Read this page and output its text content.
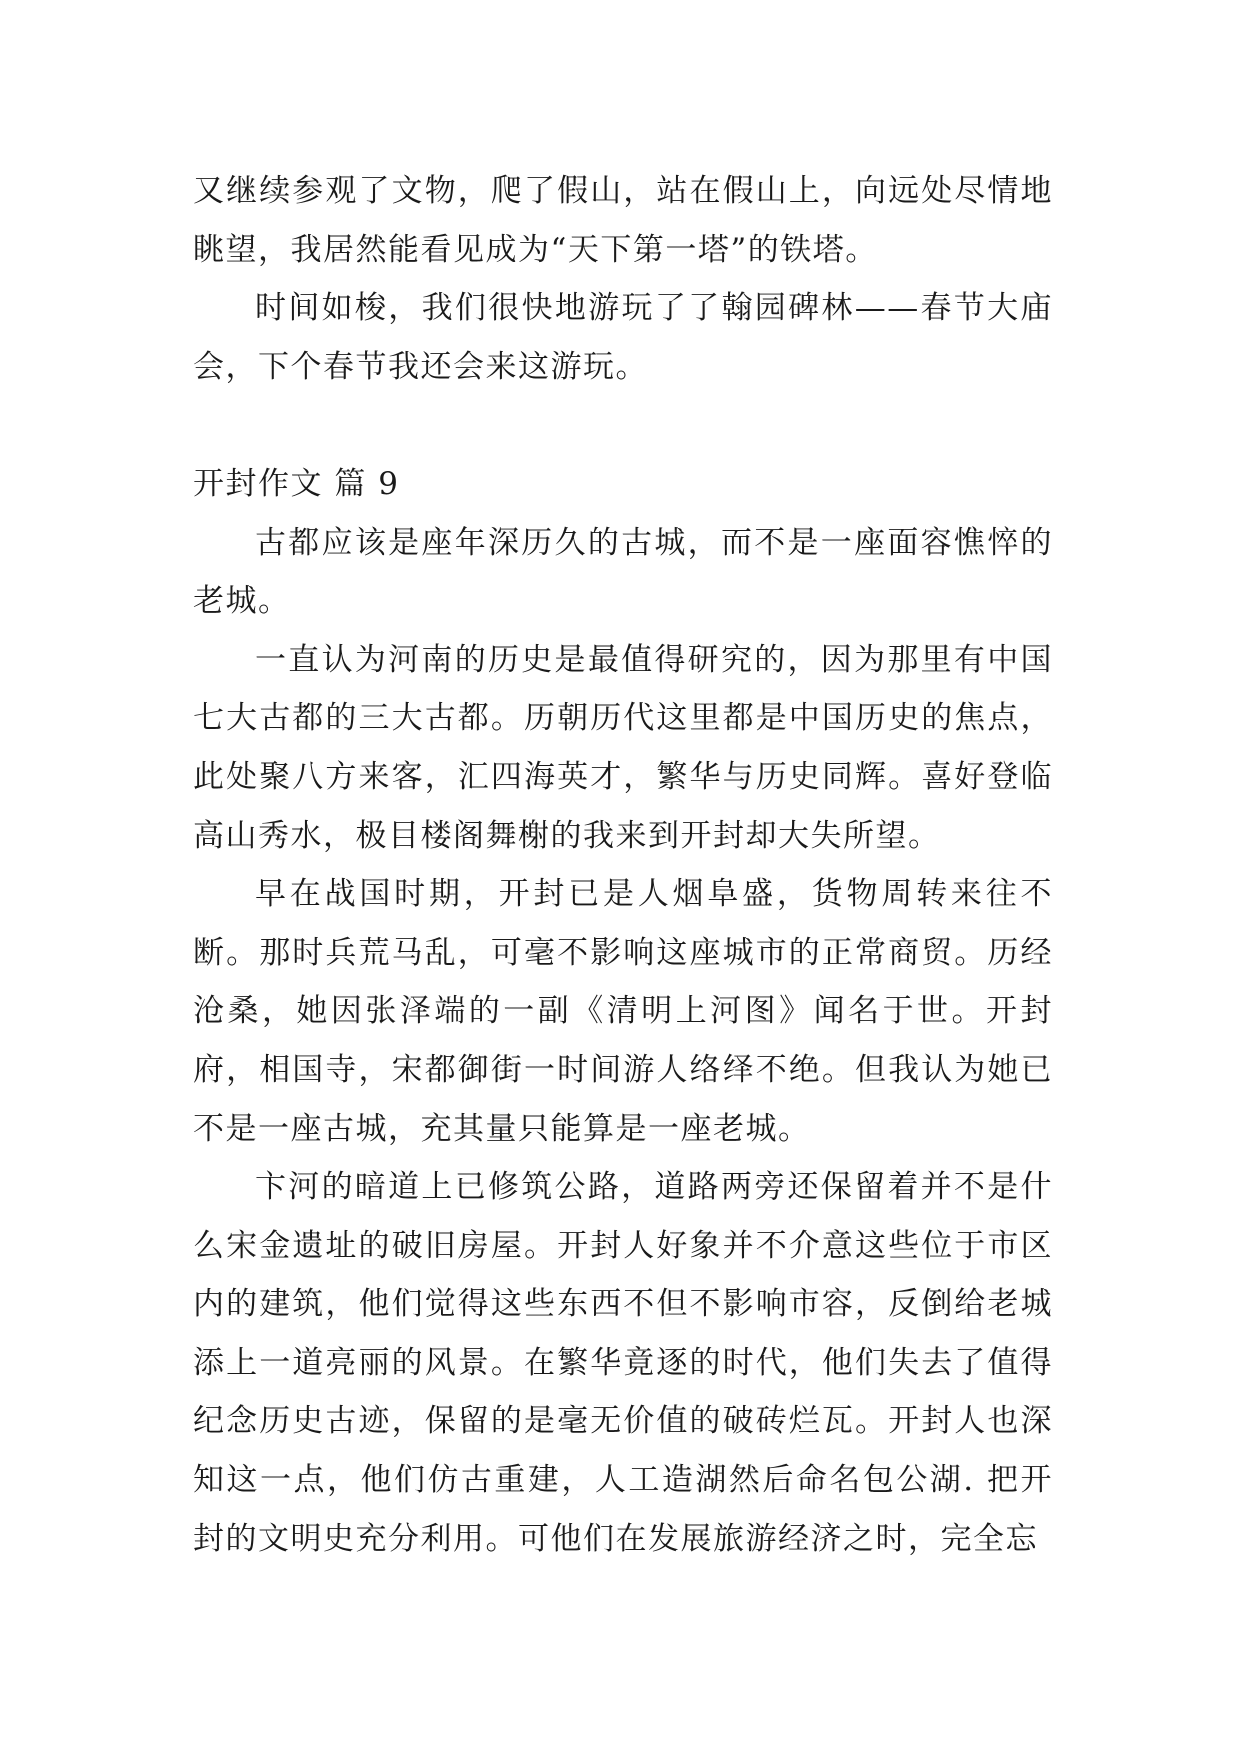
又继续参观了文物，爬了假山，站在假山上，向远处尽情地眺望，我居然能看见成为“天下第一塔”的铁塔。

时间如梭，我们很快地游玩了了翰园碑林——春节大庙会，下个春节我还会来这游玩。

开封作文 篇 9

古都应该是座年深历久的古城，而不是一座面容憔悴的老城。

一直认为河南的历史是最值得研究的，因为那里有中国七大古都的三大古都。历朝历代这里都是中国历史的焦点，此处聚八方来客，汇四海英才，繁华与历史同辉。喜好登临高山秀水，极目楼阁舞榭的我来到开封却大失所望。

早在战国时期，开封已是人烟阜盛，货物周转来往不断。那时兵荒马乱，可毫不影响这座城市的正常商贸。历经沧桑，她因张泽端的一副《清明上河图》闻名于世。开封府，相国寺，宋都御街一时间游人络绎不绝。但我认为她已不是一座古城，充其量只能算是一座老城。

卞河的暗道上已修筑公路，道路两旁还保留着并不是什么宋金遗址的破旧房屋。开封人好象并不介意这些位于市区内的建筑，他们觉得这些东西不但不影响市容，反倒给老城添上一道亮丽的风景。在繁华竟逐的时代，他们失去了值得纪念历史古迹，保留的是毫无价值的破砖烂瓦。开封人也深知这一点，他们仿古重建，人工造湖然后命名包公湖. 把开封的文明史充分利用。可他们在发展旅游经济之时，完全忘
